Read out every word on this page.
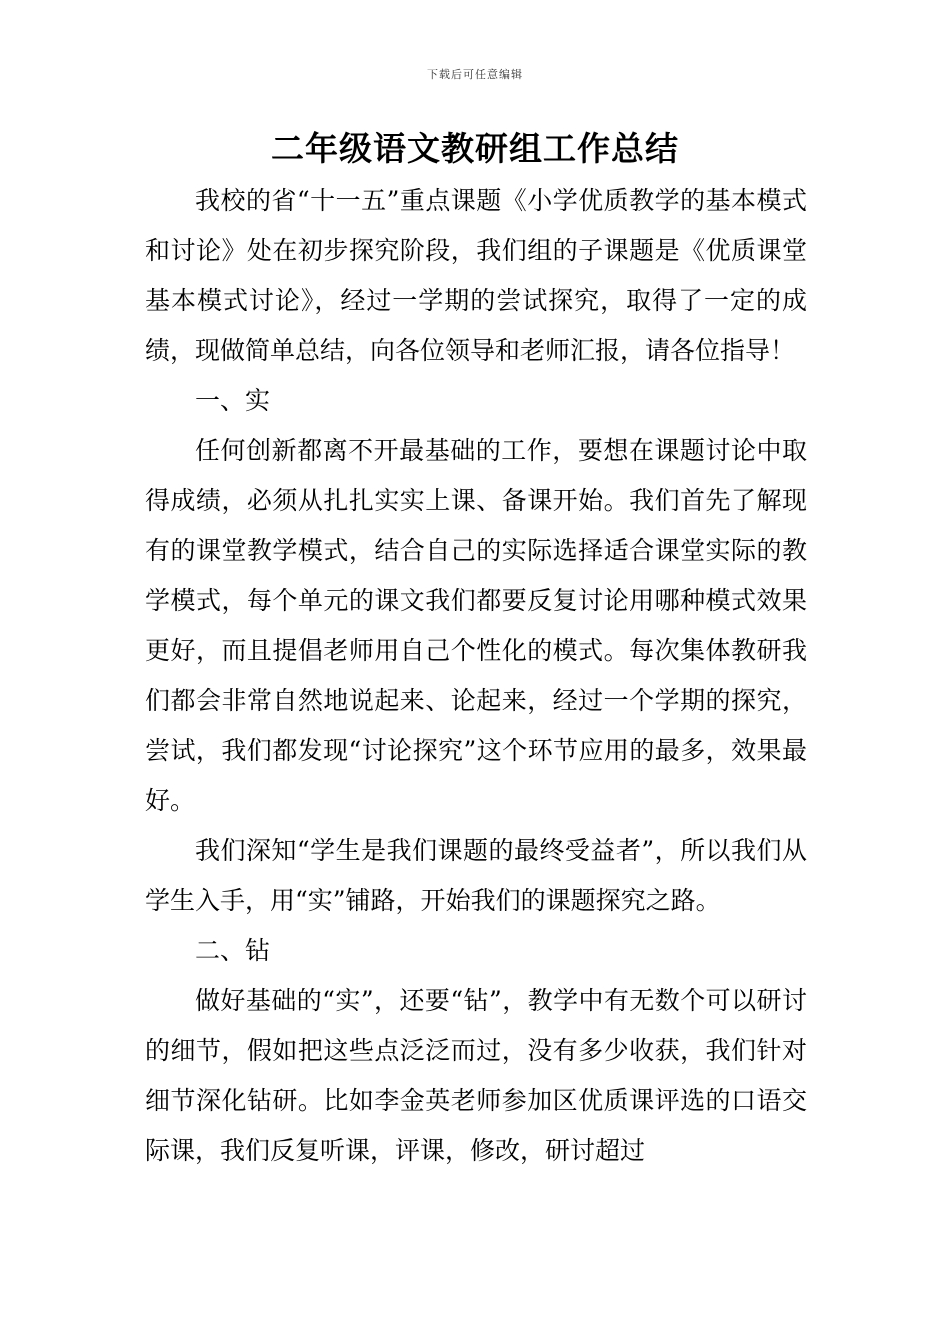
下载后可任意编辑
二年级语文教研组工作总结

我校的省“十一五”重点课题《小学优质教学的基本模式和讨论》处在初步探究阶段，我们组的子课题是《优质课堂基本模式讨论》，经过一学期的尝试探究，取得了一定的成绩，现做简单总结，向各位领导和老师汇报，请各位指导！

一、实

任何创新都离不开最基础的工作，要想在课题讨论中取得成绩，必须从扎扎实实上课、备课开始。我们首先了解现有的课堂教学模式，结合自己的实际选择适合课堂实际的教学模式，每个单元的课文我们都要反复讨论用哪种模式效果更好，而且提倡老师用自己个性化的模式。每次集体教研我们都会非常自然地说起来、论起来，经过一个学期的探究，尝试，我们都发现“讨论探究”这个环节应用的最多，效果最好。

我们深知“学生是我们课题的最终受益者”，所以我们从学生入手，用“实”铺路，开始我们的课题探究之路。

二、钻

做好基础的“实”，还要“钻”，教学中有无数个可以研讨的细节，假如把这些点泛泛而过，没有多少收获，我们针对细节深化钻研。比如李金英老师参加区优质课评选的口语交际课，我们反复听课，评课，修改，研讨超过
